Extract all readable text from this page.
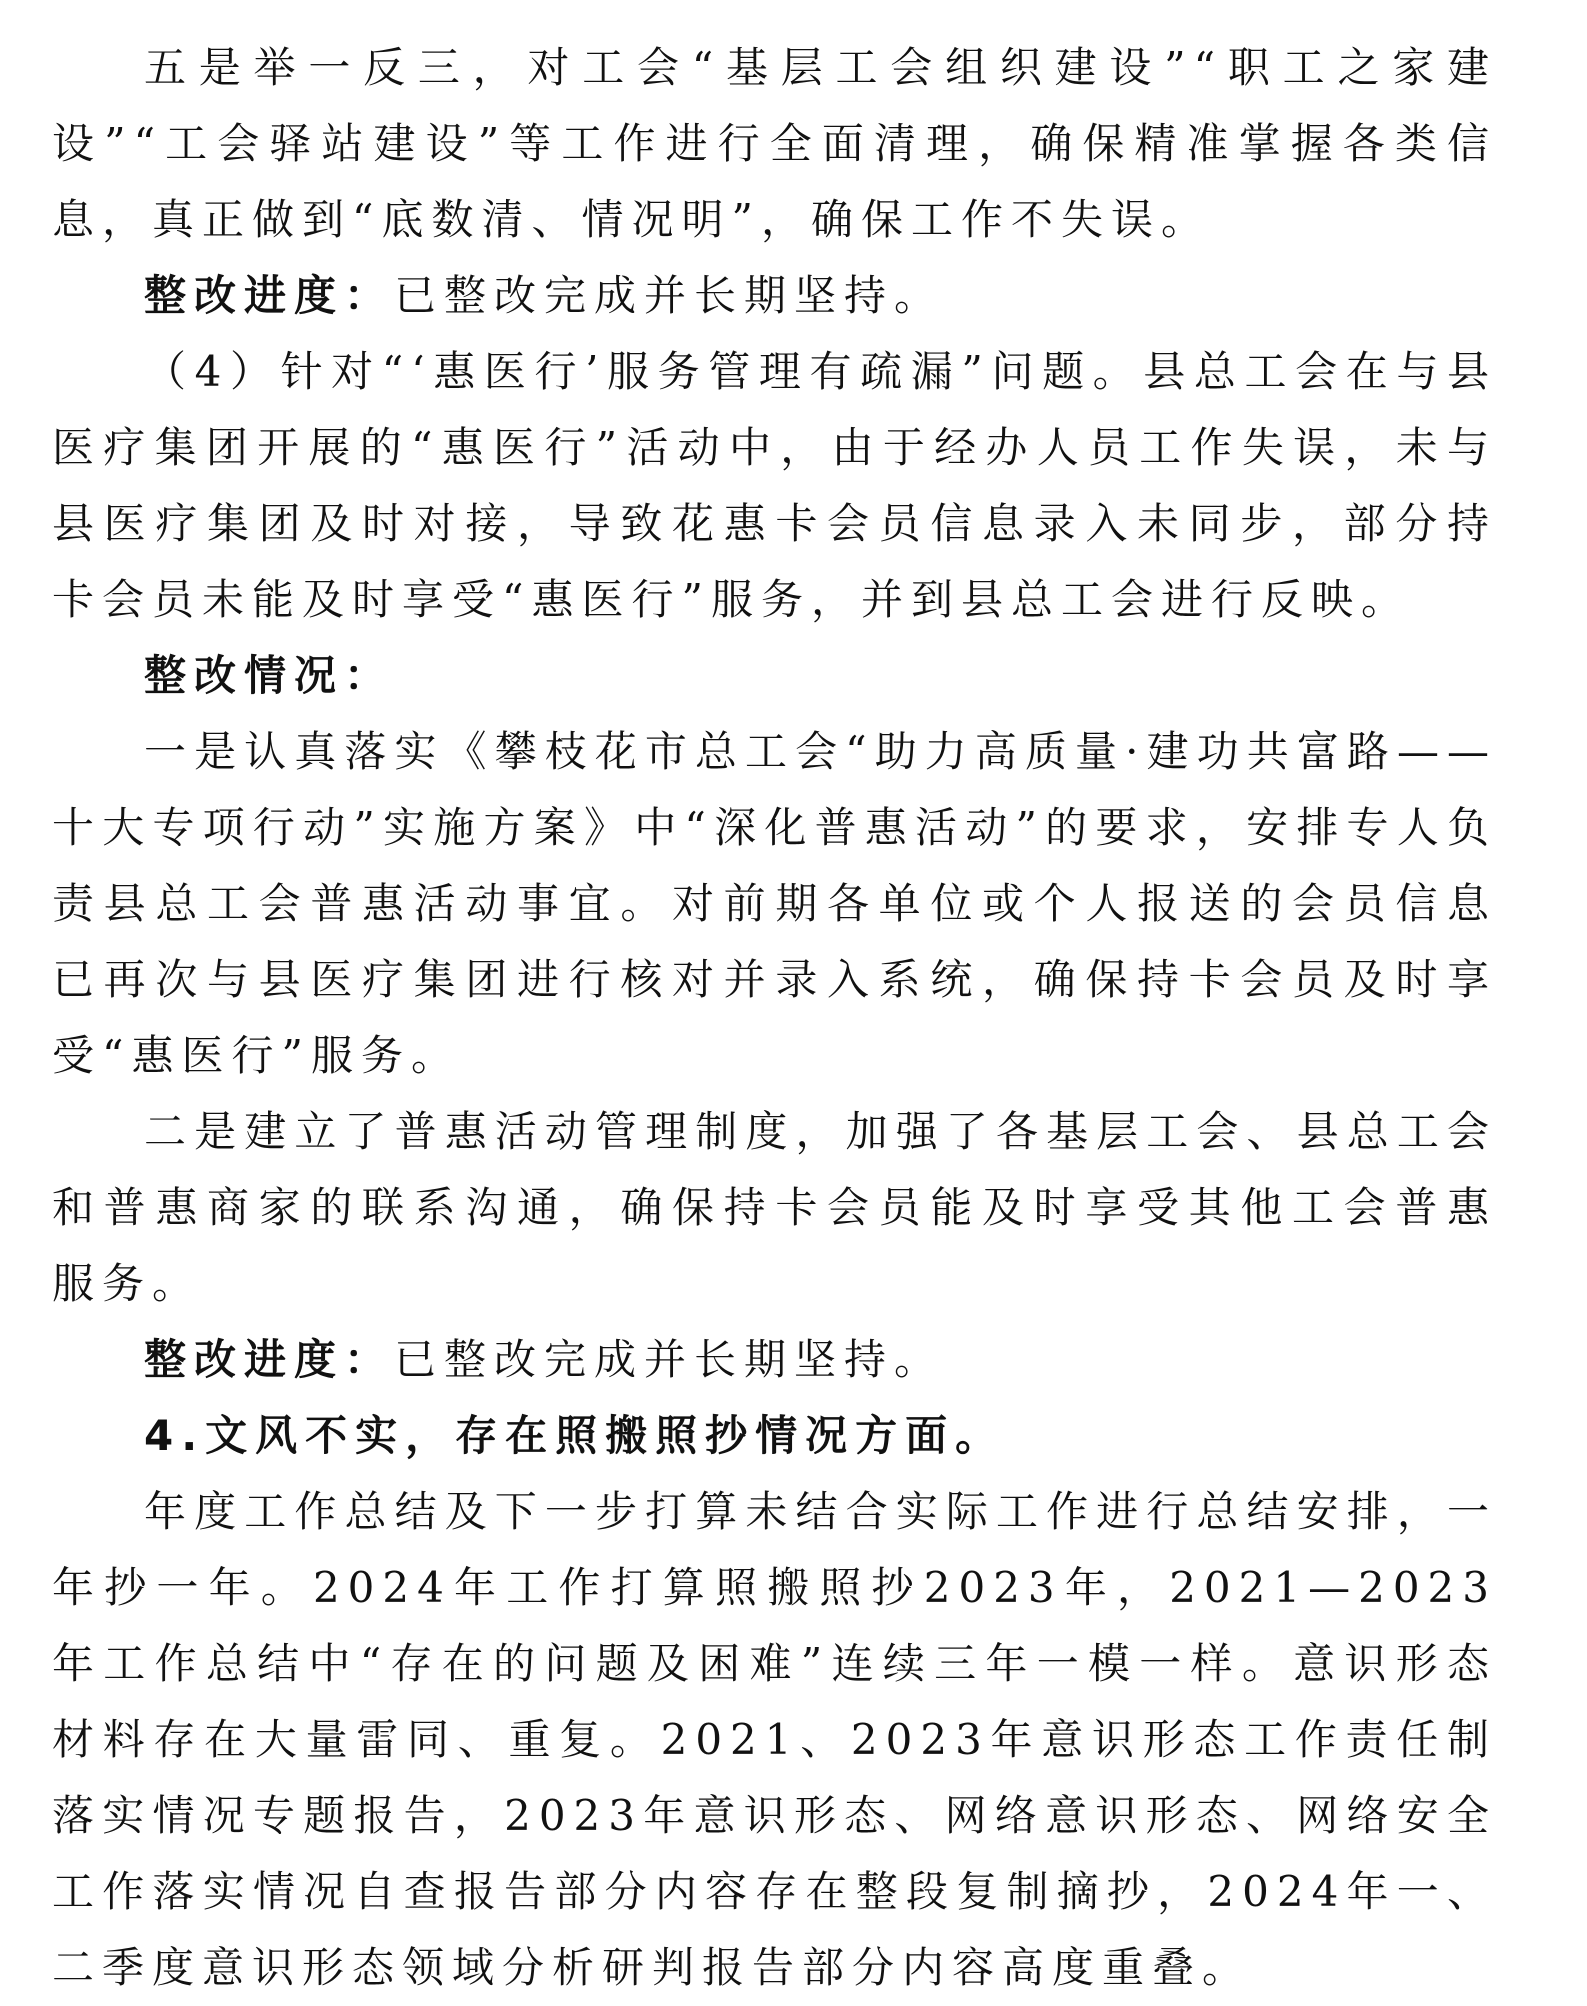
五是举一反三，对工会“基层工会组织建设”“职工之家建设”“工会驿站建设”等工作进行全面清理，确保精准掌握各类信息，真正做到“底数清、情况明”，确保工作不失误。

整改进度：已整改完成并长期坚持。

（4）针对“‘惠医行’服务管理有疏漏”问题。县总工会在与县医疗集团开展的“惠医行”活动中，由于经办人员工作失误，未与县医疗集团及时对接，导致花惠卡会员信息录入未同步，部分持卡会员未能及时享受“惠医行”服务，并到县总工会进行反映。

整改情况：

一是认真落实《攀枝花市总工会“助力高质量·建功共富路——十大专项行动”实施方案》中“深化普惠活动”的要求，安排专人负责县总工会普惠活动事宜。对前期各单位或个人报送的会员信息已再次与县医疗集团进行核对并录入系统，确保持卡会员及时享受“惠医行”服务。

二是建立了普惠活动管理制度，加强了各基层工会、县总工会和普惠商家的联系沟通，确保持卡会员能及时享受其他工会普惠服务。

整改进度：已整改完成并长期坚持。

4.文风不实，存在照搬照抄情况方面。

年度工作总结及下一步打算未结合实际工作进行总结安排，一年抄一年。2024年工作打算照搬照抄2023年，2021—2023年工作总结中“存在的问题及困难”连续三年一模一样。意识形态材料存在大量雷同、重复。2021、2023年意识形态工作责任制落实情况专题报告，2023年意识形态、网络意识形态、网络安全工作落实情况自查报告部分内容存在整段复制摘抄，2024年一、二季度意识形态领域分析研判报告部分内容高度重叠。
